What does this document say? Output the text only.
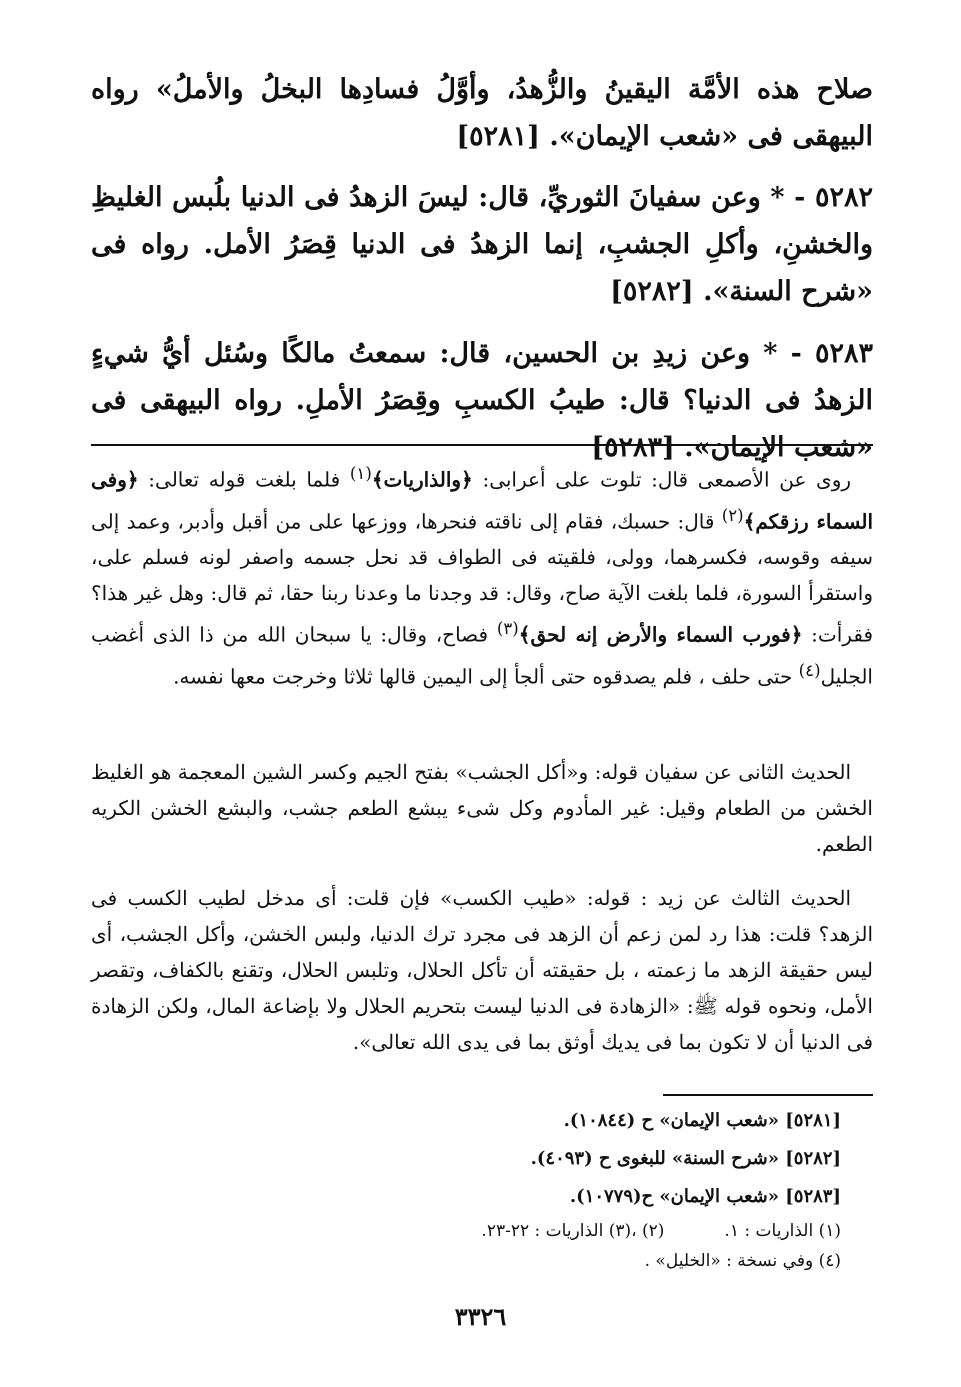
صلاح هذه الأمَّة اليقينُ والزُّهدُ، وأوَّلُ فسادِها البخلُ والأملُ» رواه البيهقى فى «شعب الإيمان». [٥٢٨١]

٥٢٨٢ - * وعن سفيانَ الثوريِّ، قال: ليسَ الزهدُ فى الدنيا بلُبس الغليظِ والخشنِ، وأكلِ الجشبِ، إنما الزهدُ فى الدنيا قِصَرُ الأمل. رواه فى «شرح السنة». [٥٢٨٢]

٥٢٨٣ - * وعن زيدِ بن الحسين، قال: سمعتُ مالكًا وسُئل أيُّ شيءٍ الزهدُ فى الدنيا؟ قال: طيبُ الكسبِ وقِصَرُ الأملِ. رواه البيهقى فى «شعب الإيمان». [٥٢٨٣]

روى عن الأصمعى قال: تلوت على أعرابى: ﴿والذاريات﴾$^{(١)}$ فلما بلغت قوله تعالى: ﴿وفى السماء رزقكم﴾$^{(٢)}$ قال: حسبك، فقام إلى ناقته فنحرها، ووزعها على من أقبل وأدبر، وعمد إلى سيفه وقوسه، فكسرهما، وولى، فلقيته فى الطواف قد نحل جسمه واصفر لونه فسلم على، واستقرأ السورة، فلما بلغت الآية صاح، وقال: قد وجدنا ما وعدنا ربنا حقا، ثم قال: وهل غير هذا؟ فقرأت: ﴿فورب السماء والأرض إنه لحق﴾$^{(٣)}$ فصاح، وقال: يا سبحان الله من ذا الذى أغضب الجليل$^{(٤)}$ حتى حلف ، فلم يصدقوه حتى ألجأ إلى اليمين قالها ثلاثا وخرجت معها نفسه.

الحديث الثانى عن سفيان قوله: و«أكل الجشب» بفتح الجيم وكسر الشين المعجمة هو الغليظ الخشن من الطعام وقيل: غير المأدوم وكل شىء يبشع الطعم جشب، والبشع الخشن الكريه الطعم.

الحديث الثالث عن زيد : قوله: «طيب الكسب» فإن قلت: أى مدخل لطيب الكسب فى الزهد؟ قلت: هذا رد لمن زعم أن الزهد فى مجرد ترك الدنيا، ولبس الخشن، وأكل الجشب، أى ليس حقيقة الزهد ما زعمته ، بل حقيقته أن تأكل الحلال، وتلبس الحلال، وتقنع بالكفاف، وتقصر الأمل، ونحوه قوله ﷺ: «الزهادة فى الدنيا ليست بتحريم الحلال ولا بإضاعة المال، ولكن الزهادة فى الدنيا أن لا تكون بما فى يديك أوثق بما فى يدى الله تعالى».

[٥٢٨١] «شعب الإيمان» ح (١٠٨٤٤).
[٥٢٨٢] «شرح السنة» للبغوى ح (٤٠٩٣).
[٥٢٨٣] «شعب الإيمان» ح(١٠٧٧٩).
(١) الذاريات : ١.(٢) ،(٣) الذاريات : ٢٢-٢٣.
(٤) وفي نسخة : «الخليل» .
٣٣٢٦
